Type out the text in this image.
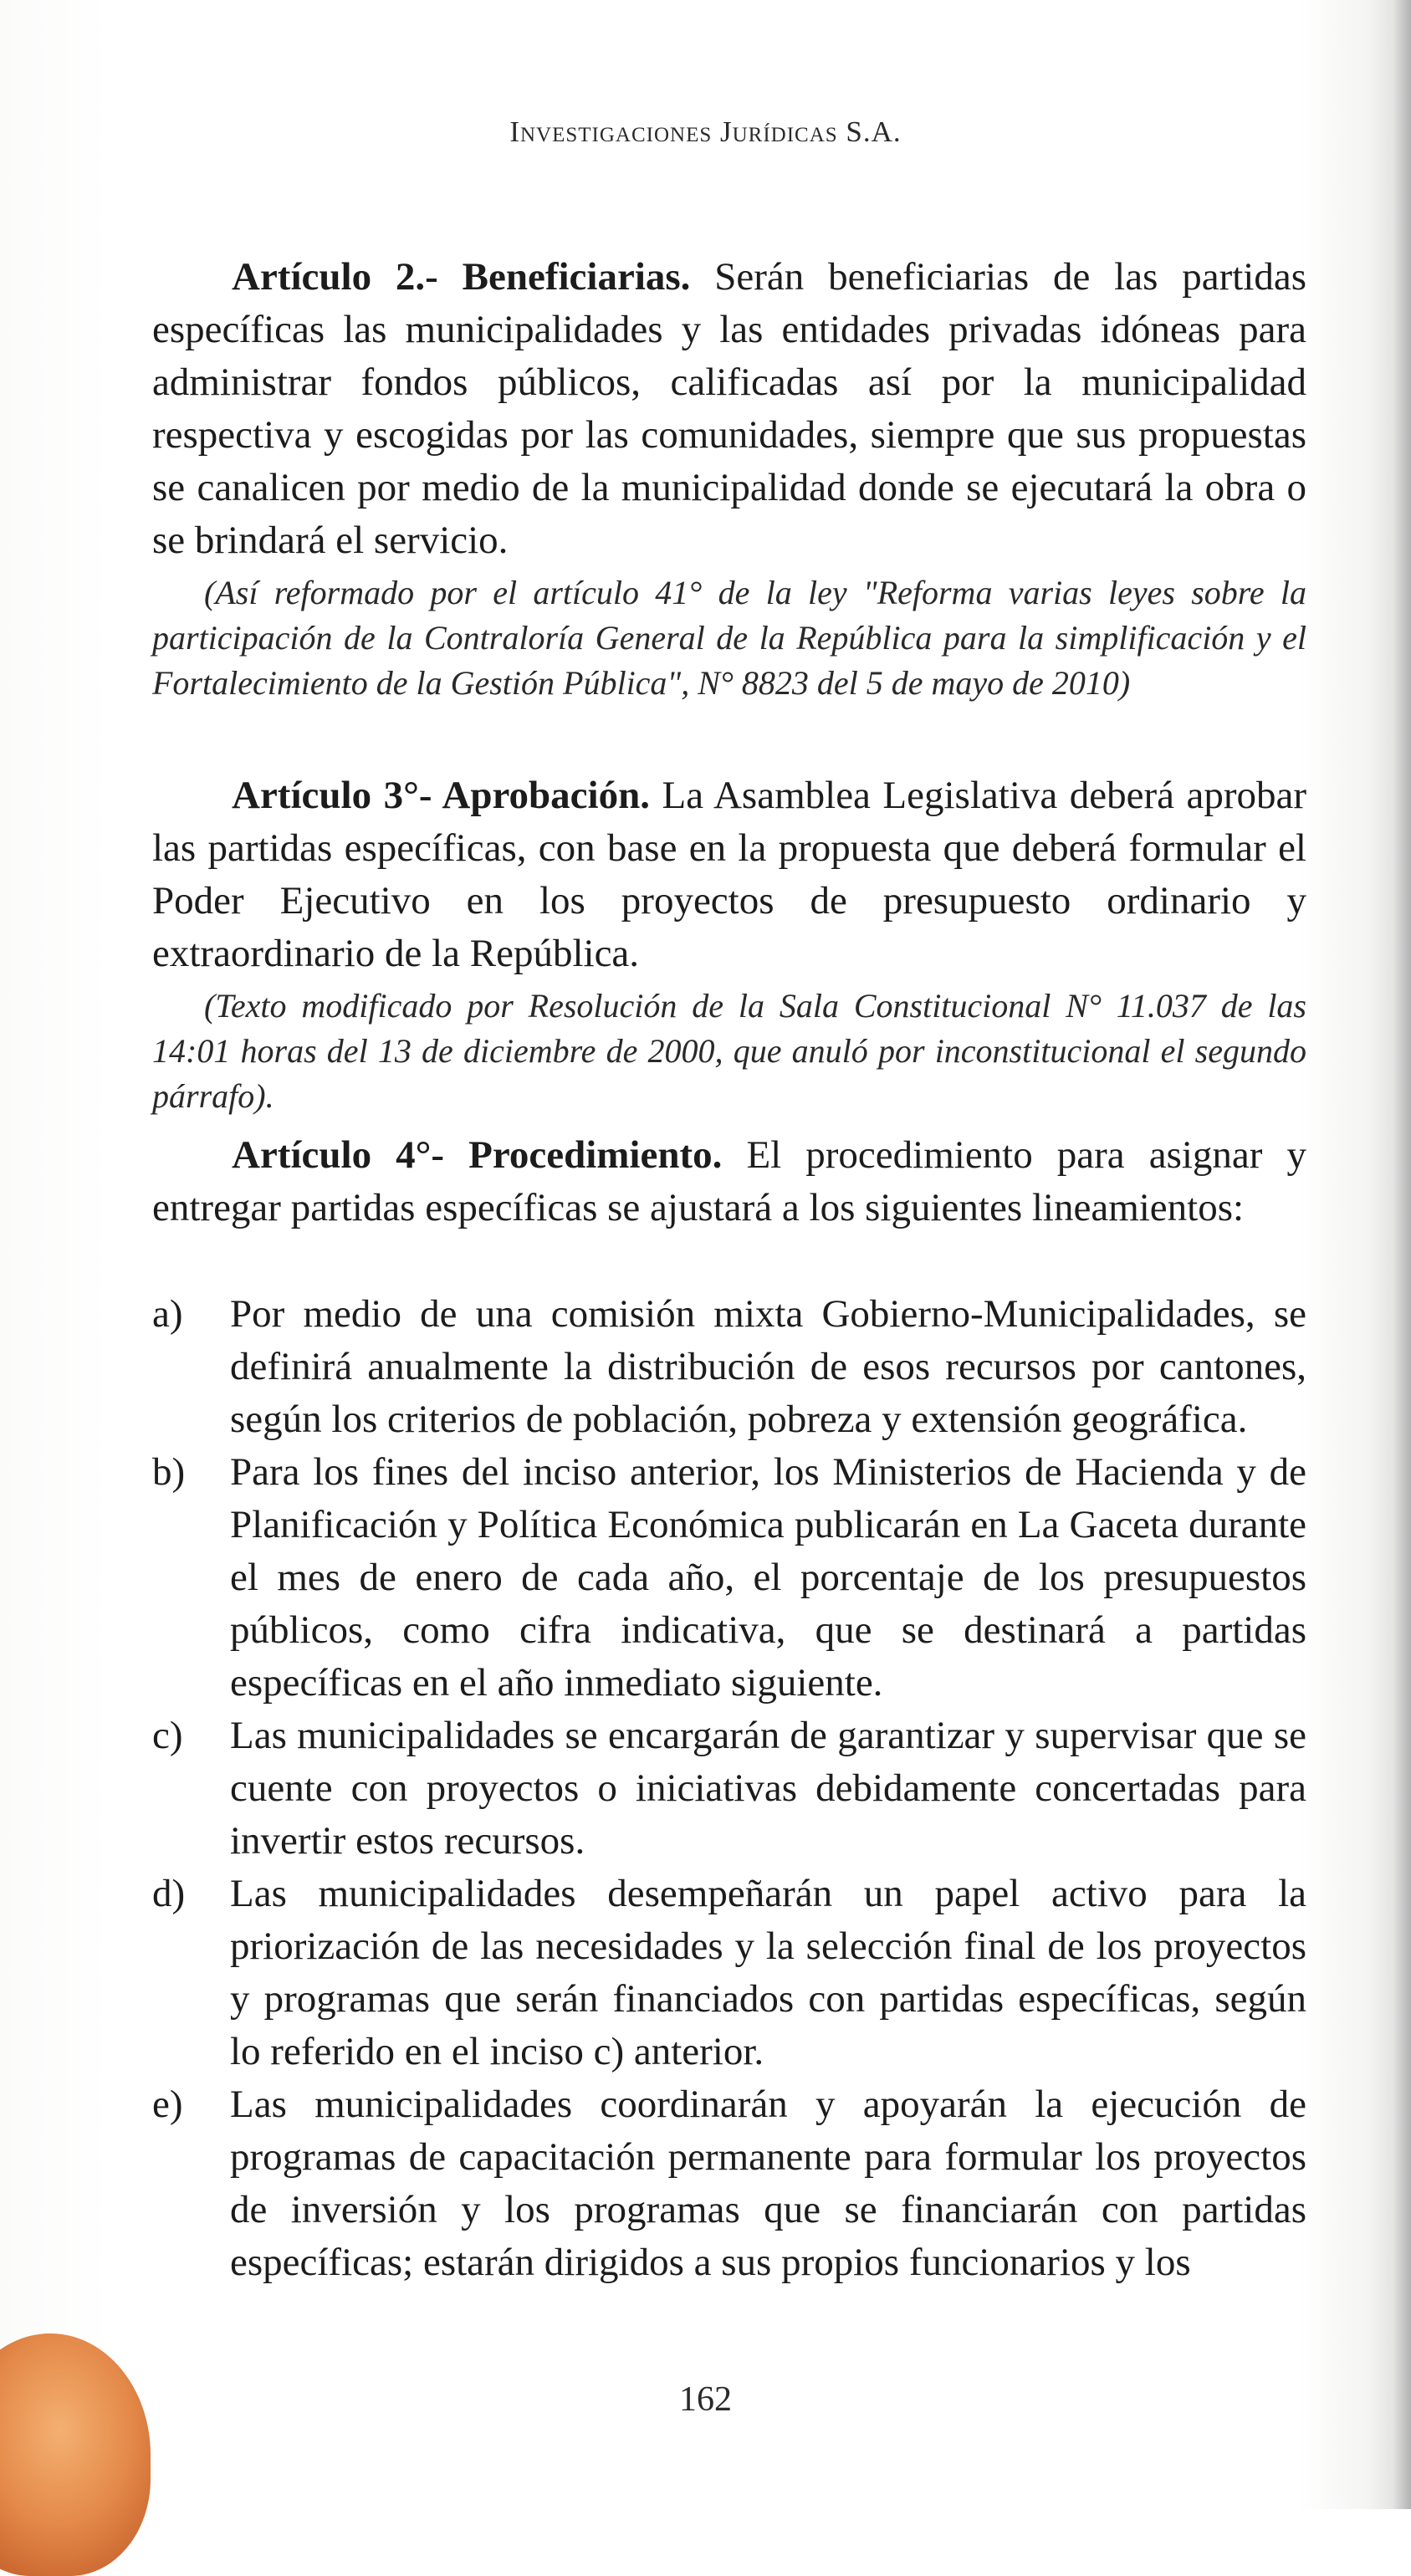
Investigaciones Jurídicas S.A.

Artículo 2.- Beneficiarias. Serán beneficiarias de las partidas específicas las municipalidades y las entidades privadas idóneas para administrar fondos públicos, calificadas así por la municipalidad respectiva y escogidas por las comunidades, siempre que sus propuestas se canalicen por medio de la municipalidad donde se ejecutará la obra o se brindará el servicio.

(Así reformado por el artículo 41° de la ley "Reforma varias leyes sobre la participación de la Contraloría General de la República para la simplificación y el Fortalecimiento de la Gestión Pública", N° 8823 del 5 de mayo de 2010)

Artículo 3°- Aprobación. La Asamblea Legislativa deberá aprobar las partidas específicas, con base en la propuesta que deberá formular el Poder Ejecutivo en los proyectos de presupuesto ordinario y extraordinario de la República.

(Texto modificado por Resolución de la Sala Constitucional N° 11.037 de las 14:01 horas del 13 de diciembre de 2000, que anuló por inconstitucional el segundo párrafo).

Artículo 4°- Procedimiento. El procedimiento para asignar y entregar partidas específicas se ajustará a los siguientes lineamientos:

a) Por medio de una comisión mixta Gobierno-Municipalidades, se definirá anualmente la distribución de esos recursos por cantones, según los criterios de población, pobreza y extensión geográfica.
b) Para los fines del inciso anterior, los Ministerios de Hacienda y de Planificación y Política Económica publicarán en La Gaceta durante el mes de enero de cada año, el porcentaje de los presupuestos públicos, como cifra indicativa, que se destinará a partidas específicas en el año inmediato siguiente.
c) Las municipalidades se encargarán de garantizar y supervisar que se cuente con proyectos o iniciativas debidamente concertadas para invertir estos recursos.
d) Las municipalidades desempeñarán un papel activo para la priorización de las necesidades y la selección final de los proyectos y programas que serán financiados con partidas específicas, según lo referido en el inciso c) anterior.
e) Las municipalidades coordinarán y apoyarán la ejecución de programas de capacitación permanente para formular los proyectos de inversión y los programas que se financiarán con partidas específicas; estarán dirigidos a sus propios funcionarios y los
162
